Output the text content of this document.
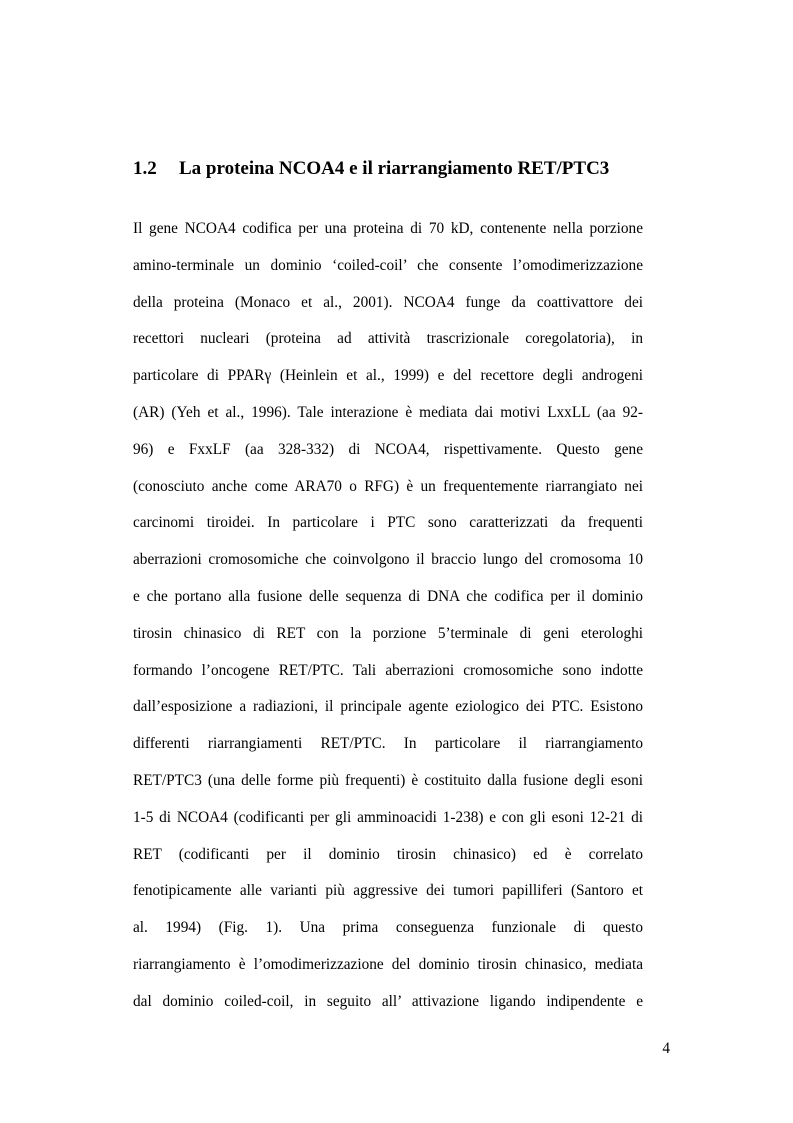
1.2 La proteina NCOA4 e il riarrangiamento RET/PTC3
Il gene NCOA4 codifica per una proteina di 70 kD, contenente nella porzione
amino-terminale un dominio ‘coiled-coil’ che consente l’omodimerizzazione
della proteina (Monaco et al., 2001). NCOA4 funge da coattivattore dei
recettori nucleari (proteina ad attività trascrizionale coregolatoria), in
particolare di PPARγ (Heinlein et al., 1999) e del recettore degli androgeni
(AR) (Yeh et al., 1996). Tale interazione è mediata dai motivi LxxLL (aa 92-
96) e FxxLF (aa 328-332) di NCOA4, rispettivamente. Questo gene
(conosciuto anche come ARA70 o RFG) è un frequentemente riarrangiato nei
carcinomi tiroidei. In particolare i PTC sono caratterizzati da frequenti
aberrazioni cromosomiche che coinvolgono il braccio lungo del cromosoma 10
e che portano alla fusione delle sequenza di DNA che codifica per il dominio
tirosin chinasico di RET con la porzione 5’terminale di geni eterologhi
formando l’oncogene RET/PTC. Tali aberrazioni cromosomiche sono indotte
dall’esposizione a radiazioni, il principale agente eziologico dei PTC. Esistono
differenti riarrangiamenti RET/PTC. In particolare il riarrangiamento
RET/PTC3 (una delle forme più frequenti) è costituito dalla fusione degli esoni
1-5 di NCOA4 (codificanti per gli amminoacidi 1-238) e con gli esoni 12-21 di
RET (codificanti per il dominio tirosin chinasico) ed è correlato
fenotipicamente alle varianti più aggressive dei tumori papilliferi (Santoro et
al. 1994) (Fig. 1). Una prima conseguenza funzionale di questo
riarrangiamento è l’omodimerizzazione del dominio tirosin chinasico, mediata
dal dominio coiled-coil, in seguito all’ attivazione ligando indipendente e
4
